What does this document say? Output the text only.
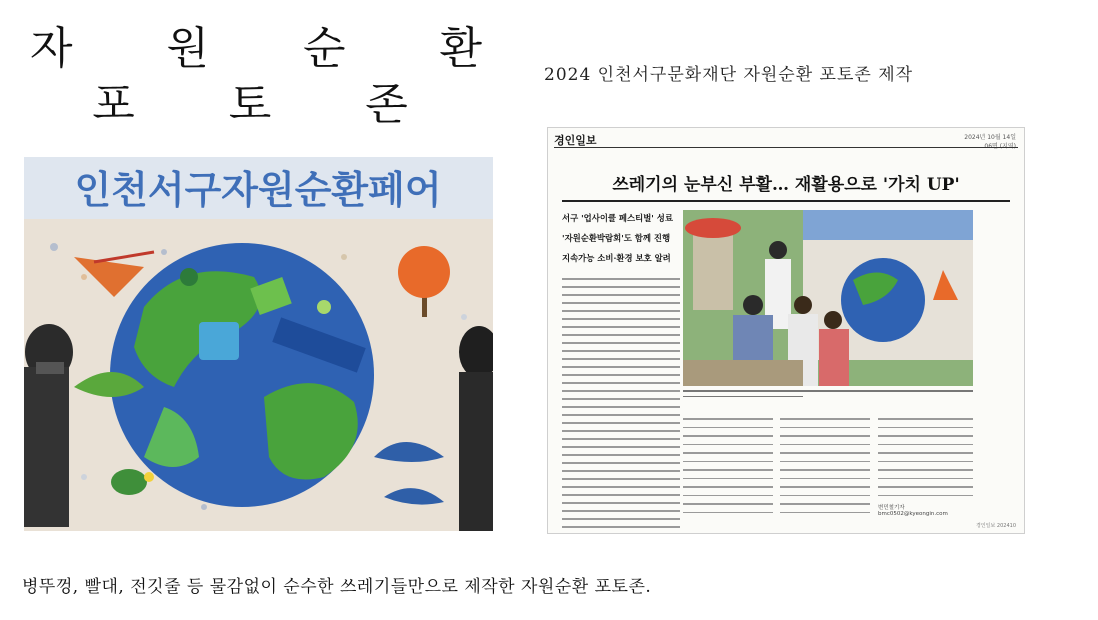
자 원 순 환
포 토 존
2024 인천서구문화재단 자원순환 포토존 제작
인천서구자원순환페어
경인일보	2024년 10월 14일
06면 (지역)
쓰레기의 눈부신 부활… 재활용으로 '가치 UP'
서구 '업사이클 페스티벌' 성료
'자원순환박람회'도 함께 진행
지속가능 소비·환경 보호 알려
변민철기자 bmc0502@kyeongin.com
경인일보 202410
병뚜껑, 빨대, 전깃줄 등 물감없이 순수한 쓰레기들만으로 제작한 자원순환 포토존.
